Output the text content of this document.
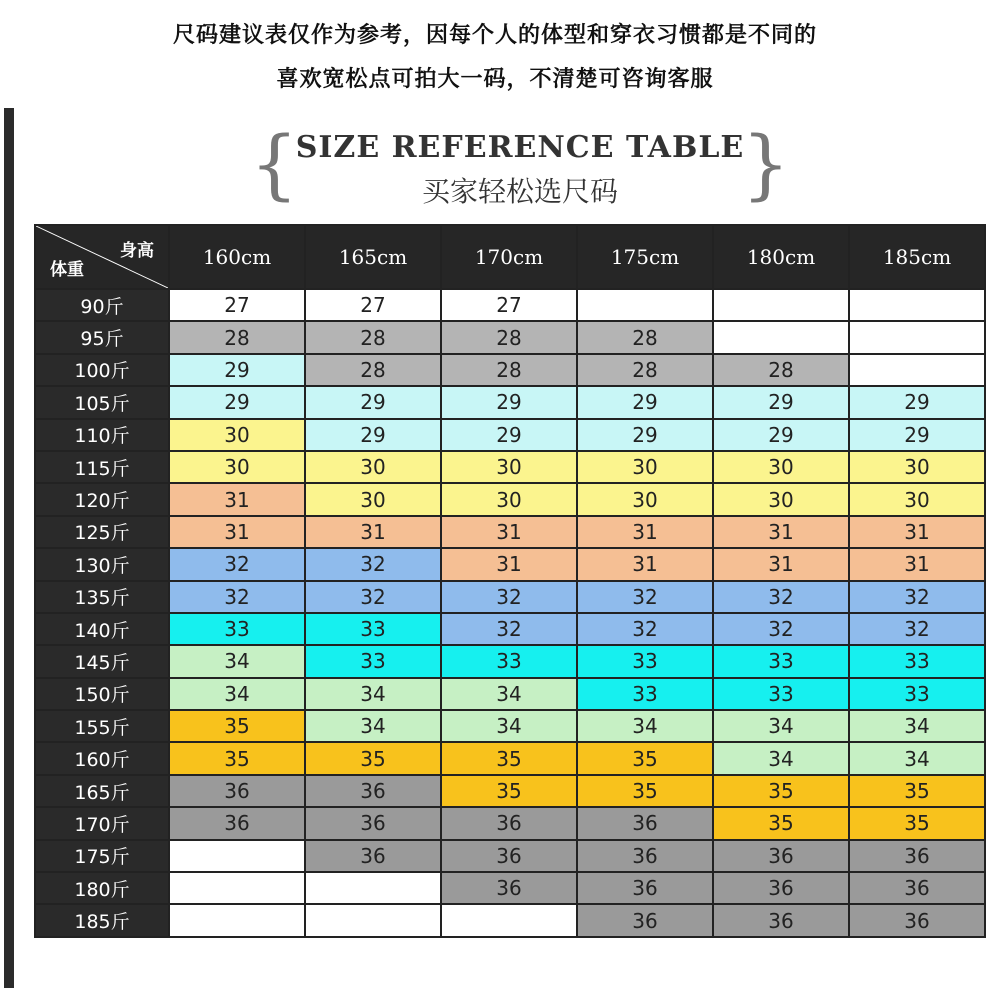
尺码建议表仅作为参考，因每个人的体型和穿衣习惯都是不同的
喜欢宽松点可拍大一码，不清楚可咨询客服
{
SIZE REFERENCE TABLE
买家轻松选尺码	}
身高
体重	160cm	165cm	170cm	175cm	180cm	185cm
90斤	27	27	27			
95斤	28	28	28	28		
100斤	29	28	28	28	28	
105斤	29	29	29	29	29	29
110斤	30	29	29	29	29	29
115斤	30	30	30	30	30	30
120斤	31	30	30	30	30	30
125斤	31	31	31	31	31	31
130斤	32	32	31	31	31	31
135斤	32	32	32	32	32	32
140斤	33	33	32	32	32	32
145斤	34	33	33	33	33	33
150斤	34	34	34	33	33	33
155斤	35	34	34	34	34	34
160斤	35	35	35	35	34	34
165斤	36	36	35	35	35	35
170斤	36	36	36	36	35	35
175斤		36	36	36	36	36
180斤			36	36	36	36
185斤				36	36	36
